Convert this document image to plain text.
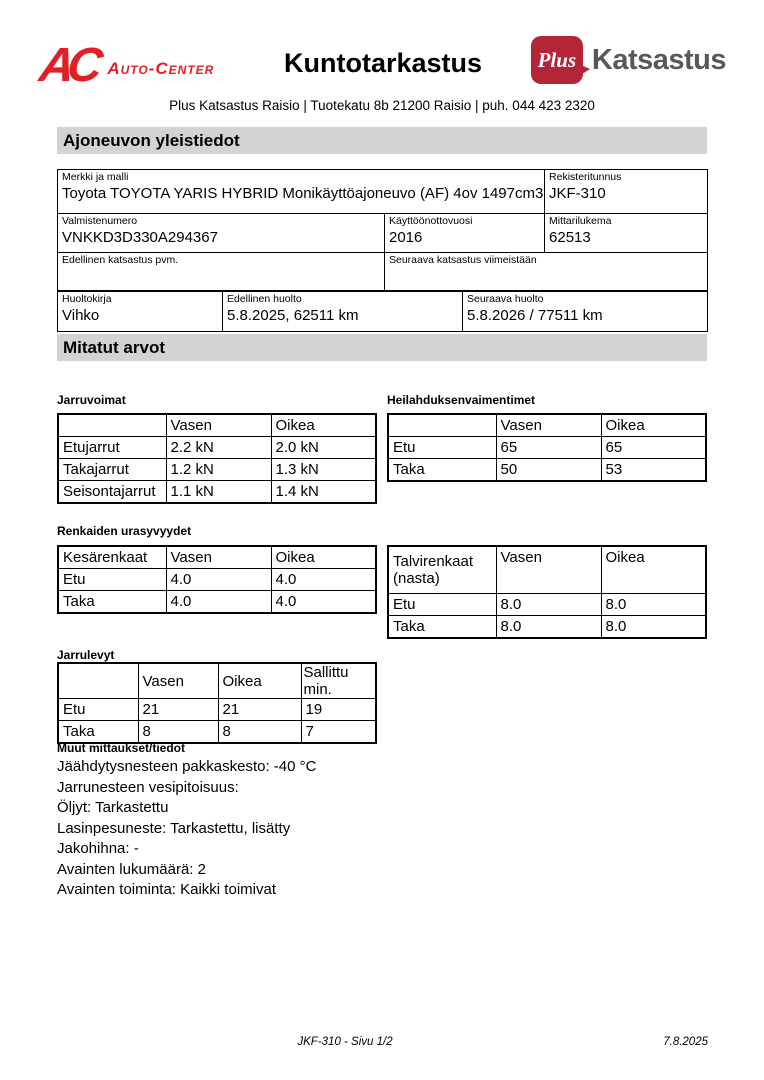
AC Auto-Center	Kuntotarkastus	Plus Katsastus
Plus Katsastus Raisio | Tuotekatu 8b 21200 Raisio | puh. 044 423 2320
Ajoneuvon yleistiedot
Merkki ja malli
Toyota TOYOTA YARIS HYBRID Monikäyttöajoneuvo (AF) 4ov 1497cm3

Rekisteritunnus
JKF-310

Valmistenumero
VNKKD3D330A294367

Käyttöönottovuosi
2016

Mittarilukema
62513

Edellinen katsastus pvm.	Seuraava katsastus viimeistään	
Huoltokirja
Vihko

Edellinen huolto
5.8.2025, 62511 km

Seuraava huolto
5.8.2026 / 77511 km
Mitatut arvot
Jarruvoimat	Heilahduksenvaimentimet
	Vasen	Oikea
Etujarrut	2.2 kN	2.0 kN
Takajarrut	1.2 kN	1.3 kN
Seisontajarrut	1.1 kN	1.4 kN
	Vasen	Oikea
Etu	65	65
Taka	50	53
Renkaiden urasyvyydet
Kesärenkaat	Vasen	Oikea
Etu	4.0	4.0
Taka	4.0	4.0
Talvirenkaat (nasta)	Vasen	Oikea
Etu	8.0	8.0
Taka	8.0	8.0
Jarrulevyt
	Vasen	Oikea	Sallittu min.
Etu	21	21	19
Taka	8	8	7
Muut mittaukset/tiedot
Jäähdytysnesteen pakkaskesto: -40 °C
Jarrunesteen vesipitoisuus:
Öljyt: Tarkastettu
Lasinpesuneste: Tarkastettu, lisätty
Jakohihna: -
Avainten lukumäärä: 2
Avainten toiminta: Kaikki toimivat
JKF-310 - Sivu 1/2	7.8.2025
